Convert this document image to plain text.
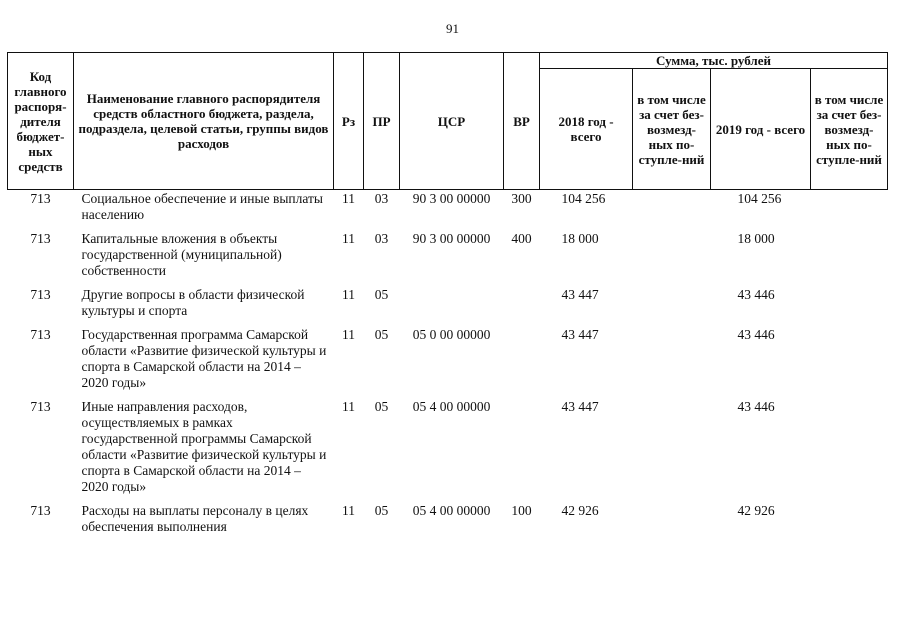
91
Код главного распоря-дителя бюджет-ных средств	Наименование главного распорядителя средств областного бюджета, раздела, подраздела, целевой статьи, группы видов расходов	Рз	ПР	ЦСР	ВР	Сумма, тыс. рублей			
						2018 год - всего	в том числе за счет без-возмезд-ных по-ступле-ний	2019 год - всего	в том числе за счет без-возмезд-ных по-ступле-ний
713	Социальное обеспечение и иные выплаты населению	11	03	90 3 00 00000	300	104 256		104 256	
713	Капитальные вложения в объекты государственной (муниципальной) собственности	11	03	90 3 00 00000	400	18 000		18 000	
713	Другие вопросы в области физической культуры и спорта	11	05			43 447		43 446	
713	Государственная программа Самарской области «Развитие физической культуры и спорта в Самарской области на 2014 – 2020 годы»	11	05	05 0 00 00000		43 447		43 446	
713	Иные направления расходов, осуществляемых в рамках государственной программы Самарской области «Развитие физической культуры и спорта в Самарской области на 2014 – 2020 годы»	11	05	05 4 00 00000		43 447		43 446	
713	Расходы на выплаты персоналу в целях обеспечения выполнения	11	05	05 4 00 00000	100	42 926		42 926	
